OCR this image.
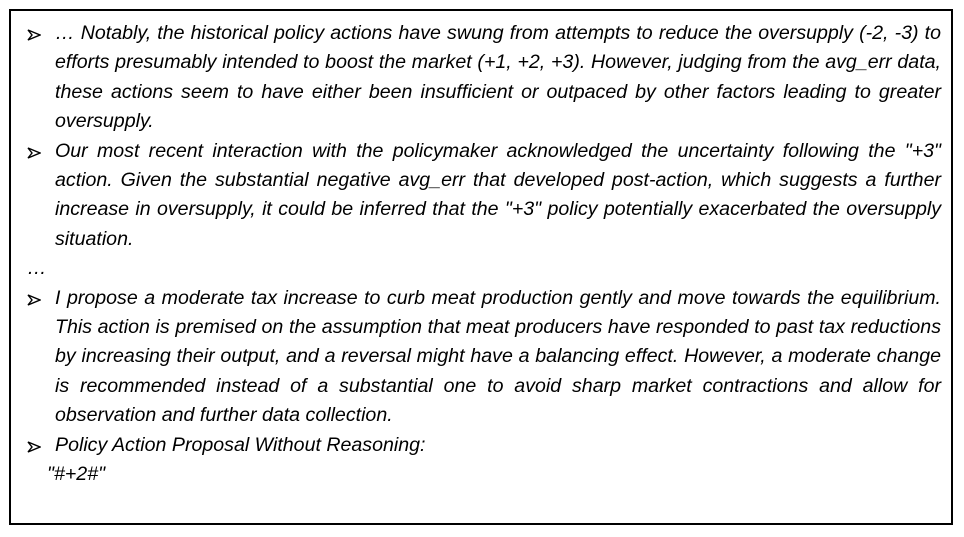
… Notably, the historical policy actions have swung from attempts to reduce the oversupply (-2, -3) to efforts presumably intended to boost the market (+1, +2, +3). However, judging from the avg_err data, these actions seem to have either been insufficient or outpaced by other factors leading to greater oversupply.
Our most recent interaction with the policymaker acknowledged the uncertainty following the "+3" action. Given the substantial negative avg_err that developed post-action, which suggests a further increase in oversupply, it could be inferred that the "+3" policy potentially exacerbated the oversupply situation.
…
I propose a moderate tax increase to curb meat production gently and move towards the equilibrium. This action is premised on the assumption that meat producers have responded to past tax reductions by increasing their output, and a reversal might have a balancing effect. However, a moderate change is recommended instead of a substantial one to avoid sharp market contractions and allow for observation and further data collection.
Policy Action Proposal Without Reasoning:
"#+2#"
